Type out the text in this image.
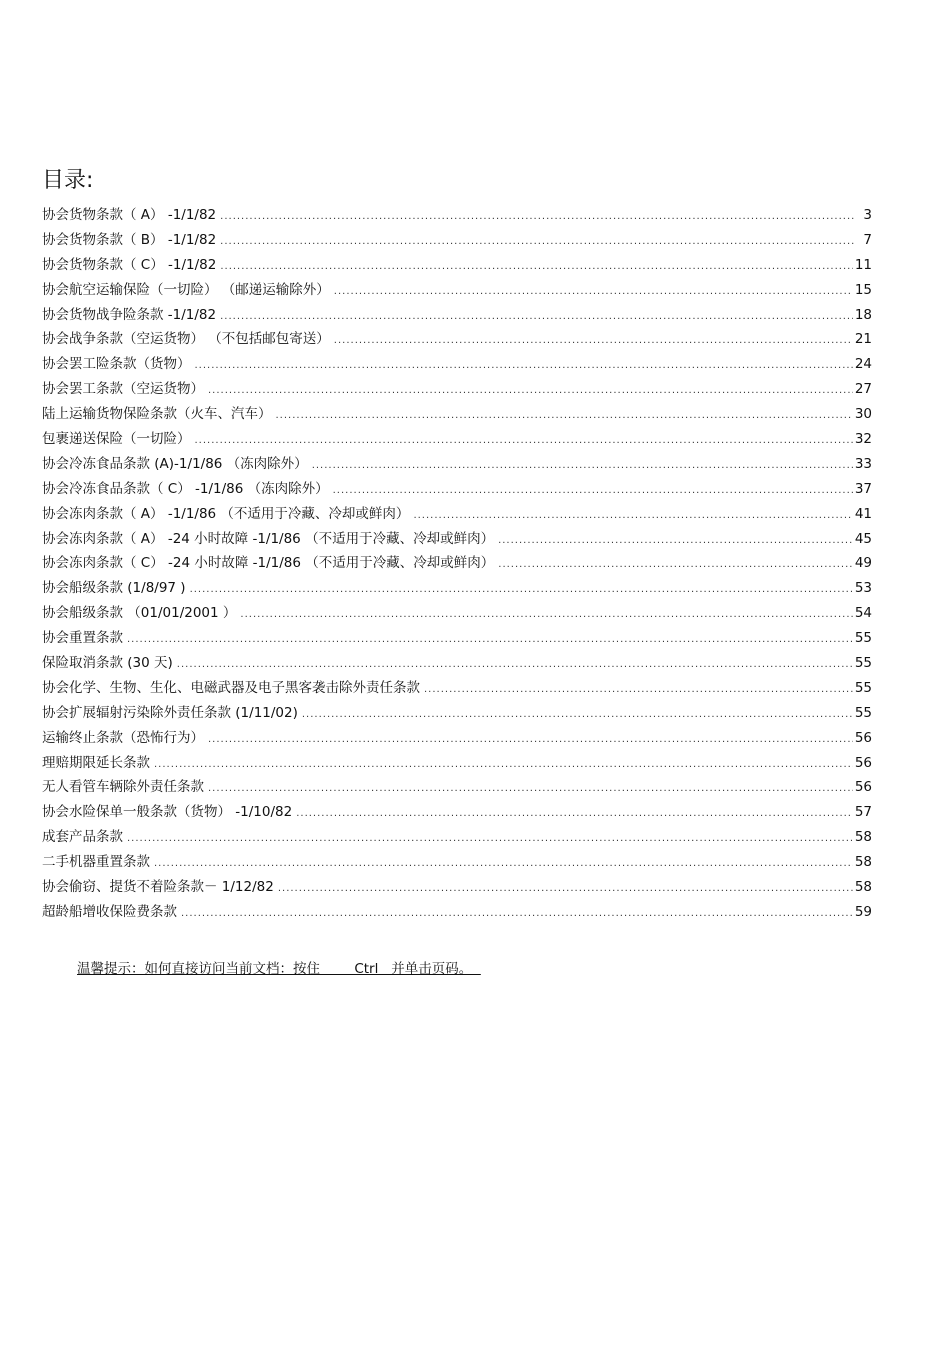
目录:
协会货物条款（ A） -1/1/82 .....	3
协会货物条款（ B） -1/1/82 .....	7
协会货物条款（ C） -1/1/82 .....	11
协会航空运输保险（一切险） （邮递运输除外） .....	15
协会货物战争险条款 -1/1/82 .....	18
协会战争条款（空运货物） （不包括邮包寄送） .....	21
协会罢工险条款（货物） .....	24
协会罢工条款（空运货物） .....	27
陆上运输货物保险条款（火车、汽车） .....	30
包裹递送保险（一切险） .....	32
协会冷冻食品条款 (A)-1/1/86 （冻肉除外） .....	33
协会冷冻食品条款（ C） -1/1/86 （冻肉除外） .....	37
协会冻肉条款（ A） -1/1/86 （不适用于冷藏、冷却或鲜肉） .....	41
协会冻肉条款（ A） -24 小时故障 -1/1/86 （不适用于冷藏、冷却或鲜肉） .....	45
协会冻肉条款（ C） -24 小时故障 -1/1/86 （不适用于冷藏、冷却或鲜肉） .....	49
协会船级条款 (1/8/97 ) .....	53
协会船级条款 （01/01/2001 ） .....	54
协会重置条款 .....	55
保险取消条款 (30 天) .....	55
协会化学、生物、生化、电磁武器及电子黑客袭击除外责任条款 .....	55
协会扩展辐射污染除外责任条款 (1/11/02) .....	55
运输终止条款（恐怖行为） .....	56
理赔期限延长条款 .....	56
无人看管车辆除外责任条款 .....	56
协会水险保单一般条款（货物） -1/10/82 .....	57
成套产品条款 .....	58
二手机器重置条款 .....	58
协会偷窃、提货不着险条款－ 1/12/82 .....	58
超龄船增收保险费条款 .....	59
温馨提示：如何直接访问当前文档：按住        Ctrl   并单击页码。
